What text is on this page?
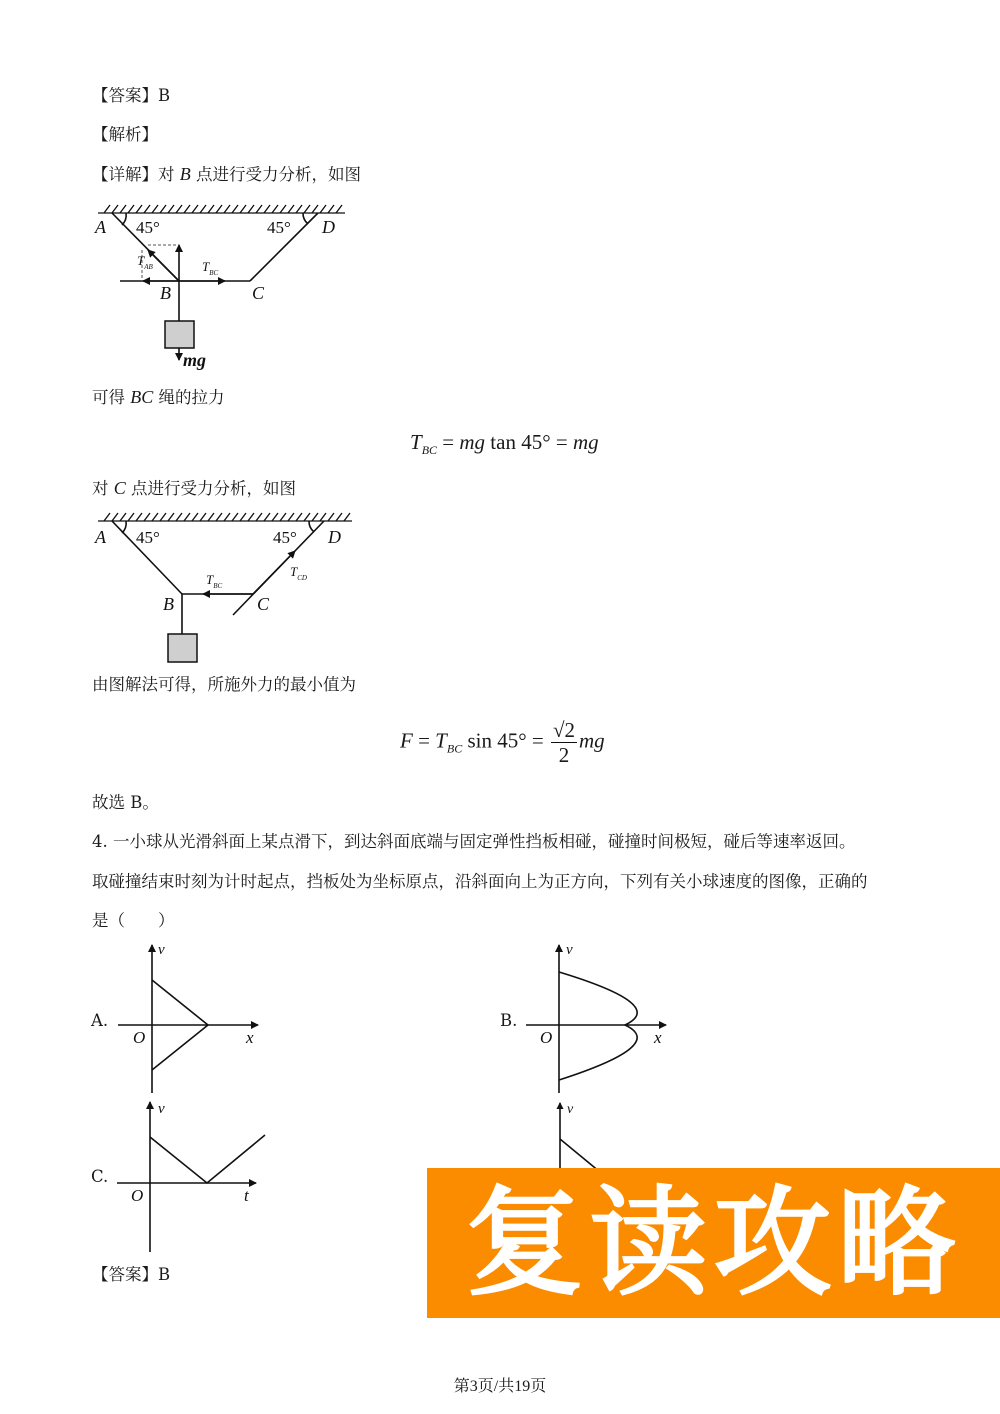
【答案】B
【解析】
【详解】对 B 点进行受力分析，如图
A 45°	45° D
B	C
$T_{AB}$	$T_{BC}$
mg
可得 BC 绳的拉力
$T_{BC}$ = mg tan 45° = mg
对 C 点进行受力分析，如图
A 45°	45° D
B	C
$T_{BC}$
$T_{CD}$
由图解法可得，所施外力的最小值为
$F = T_{BC}$ $\sin 45^\circ = \frac{√2}{2}$ mg
故选 B。
4. 一小球从光滑斜面上某点滑下，到达斜面底端与固定弹性挡板相碰，碰撞时间极短，碰后等速率返回。
取碰撞结束时刻为计时起点，挡板处为坐标原点，沿斜面向上为正方向，下列有关小球速度的图像，正确的
是（　　）
A.
v
O	x
B.
v
O	x
C.
v
O	t
v
【答案】B	复读攻略
第3页/共19页
